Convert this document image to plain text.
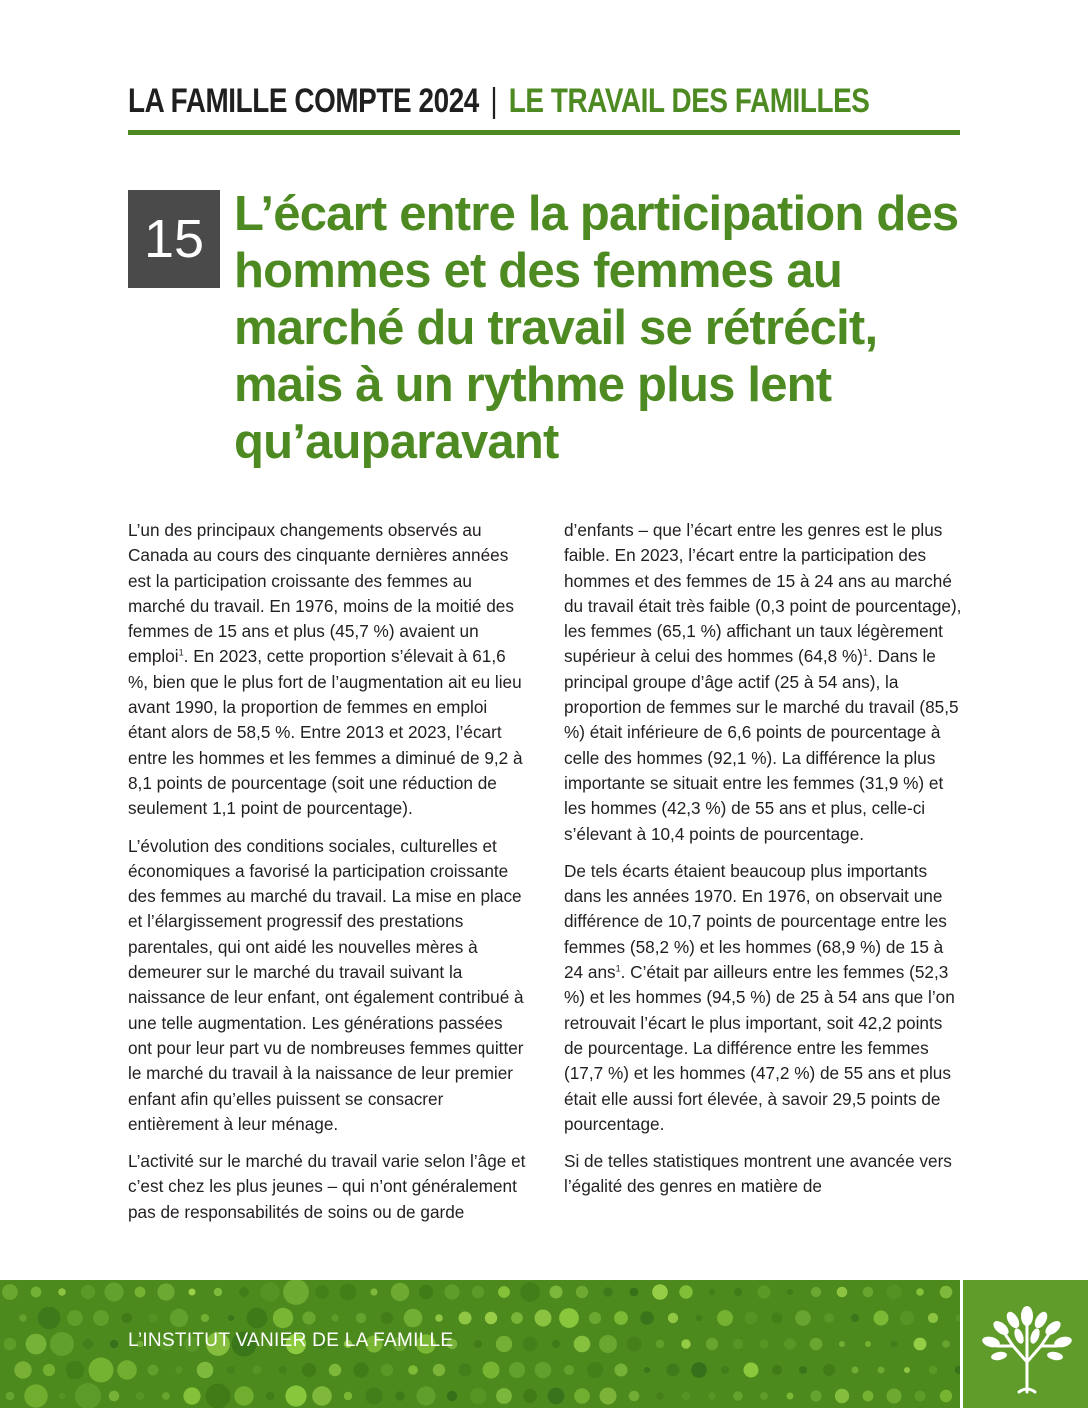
LA FAMILLE COMPTE 2024 | LE TRAVAIL DES FAMILLES
15 L’écart entre la participation des hommes et des femmes au marché du travail se rétrécit, mais à un rythme plus lent qu’auparavant

L’un des principaux changements observés au Canada au cours des cinquante dernières années est la participation croissante des femmes au marché du travail. En 1976, moins de la moitié des femmes de 15 ans et plus (45,7 %) avaient un emploi$^1$. En 2023, cette proportion s’élevait à 61,6 %, bien que le plus fort de l’augmentation ait eu lieu avant 1990, la proportion de femmes en emploi étant alors de 58,5 %. Entre 2013 et 2023, l’écart entre les hommes et les femmes a diminué de 9,2 à 8,1 points de pourcentage (soit une réduction de seulement 1,1 point de pourcentage).

L’évolution des conditions sociales, culturelles et économiques a favorisé la participation croissante des femmes au marché du travail. La mise en place et l’élargissement progressif des prestations parentales, qui ont aidé les nouvelles mères à demeurer sur le marché du travail suivant la naissance de leur enfant, ont également contribué à une telle augmentation. Les générations passées ont pour leur part vu de nombreuses femmes quitter le marché du travail à la naissance de leur premier enfant afin qu’elles puissent se consacrer entièrement à leur ménage.

L’activité sur le marché du travail varie selon l’âge et c’est chez les plus jeunes – qui n’ont généralement pas de responsabilités de soins ou de garde

d’enfants – que l’écart entre les genres est le plus faible. En 2023, l’écart entre la participation des hommes et des femmes de 15 à 24 ans au marché du travail était très faible (0,3 point de pourcentage), les femmes (65,1 %) affichant un taux légèrement supérieur à celui des hommes (64,8 %)$^1$. Dans le principal groupe d’âge actif (25 à 54 ans), la proportion de femmes sur le marché du travail (85,5 %) était inférieure de 6,6 points de pourcentage à celle des hommes (92,1 %). La différence la plus importante se situait entre les femmes (31,9 %) et les hommes (42,3 %) de 55 ans et plus, celle-ci s’élevant à 10,4 points de pourcentage.

De tels écarts étaient beaucoup plus importants dans les années 1970. En 1976, on observait une différence de 10,7 points de pourcentage entre les femmes (58,2 %) et les hommes (68,9 %) de 15 à 24 ans$^1$. C’était par ailleurs entre les femmes (52,3 %) et les hommes (94,5 %) de 25 à 54 ans que l’on retrouvait l’écart le plus important, soit 42,2 points de pourcentage. La différence entre les femmes (17,7 %) et les hommes (47,2 %) de 55 ans et plus était elle aussi fort élevée, à savoir 29,5 points de pourcentage.

Si de telles statistiques montrent une avancée vers l’égalité des genres en matière de

L’INSTITUT VANIER DE LA FAMILLE
